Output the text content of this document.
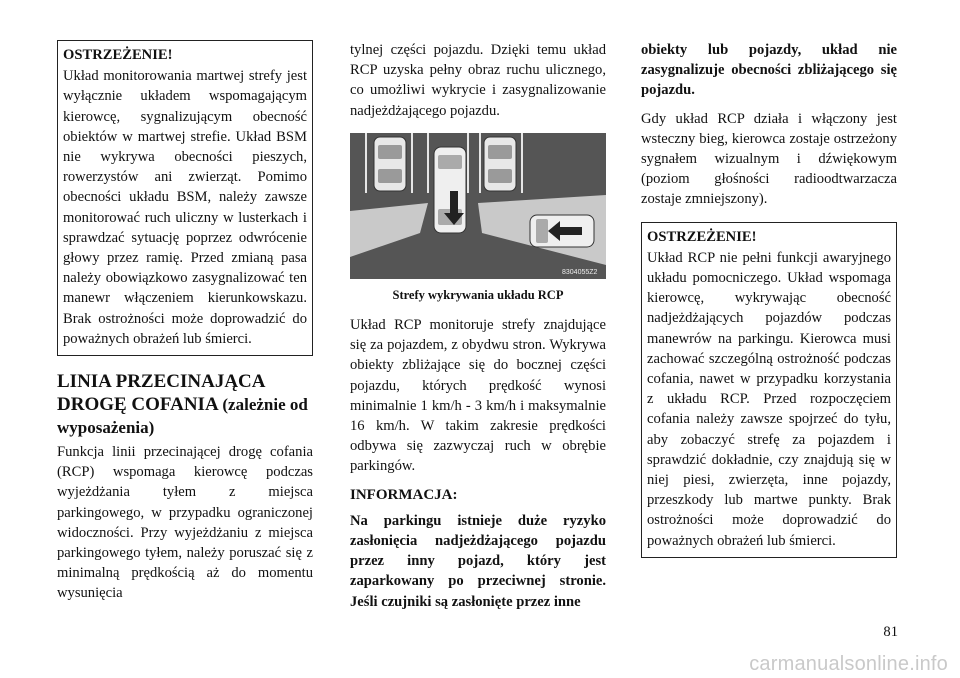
OSTRZEŻENIE!

Układ monitorowania martwej strefy jest wyłącznie układem wspomagającym kierowcę, sygnalizującym obecność obiektów w martwej strefie. Układ BSM nie wykrywa obecności pieszych, rowerzystów ani zwierząt. Pomimo obecności układu BSM, należy zawsze monitorować ruch uliczny w lusterkach i sprawdzać sytuację poprzez odwrócenie głowy przez ramię. Przed zmianą pasa należy obowiązkowo zasygnalizować ten manewr włączeniem kierunkowskazu. Brak ostrożności może doprowadzić do poważnych obrażeń lub śmierci.

LINIA PRZECINAJĄCA DROGĘ COFANIA (zależnie od wyposażenia)

Funkcja linii przecinającej drogę cofania (RCP) wspomaga kierowcę podczas wyjeżdżania tyłem z miejsca parkingowego, w przypadku ograniczonej widoczności. Przy wyjeżdżaniu z miejsca parkingowego tyłem, należy poruszać się z minimalną prędkością aż do momentu wysunięcia

tylnej części pojazdu. Dzięki temu układ RCP uzyska pełny obraz ruchu ulicznego, co umożliwi wykrycie i zasygnalizowanie nadjeżdżającego pojazdu.

8304055Z2
Strefy wykrywania układu RCP

Układ RCP monitoruje strefy znajdujące się za pojazdem, z obydwu stron. Wykrywa obiekty zbliżające się do bocznej części pojazdu, których prędkość wynosi minimalnie 1 km/h - 3 km/h i maksymalnie 16 km/h. W takim zakresie prędkości odbywa się zazwyczaj ruch w obrębie parkingów.

INFORMACJA:

Na parkingu istnieje duże ryzyko zasłonięcia nadjeżdżającego pojazdu przez inny pojazd, który jest zaparkowany po przeciwnej stronie. Jeśli czujniki są zasłonięte przez inne

obiekty lub pojazdy, układ nie zasygnalizuje obecności zbliżającego się pojazdu.

Gdy układ RCP działa i włączony jest wsteczny bieg, kierowca zostaje ostrzeżony sygnałem wizualnym i dźwiękowym (poziom głośności radioodtwarzacza zostaje zmniejszony).

OSTRZEŻENIE!

Układ RCP nie pełni funkcji awaryjnego układu pomocniczego. Układ wspomaga kierowcę, wykrywając obecność nadjeżdżających pojazdów podczas manewrów na parkingu. Kierowca musi zachować szczególną ostrożność podczas cofania, nawet w przypadku korzystania z układu RCP. Przed rozpoczęciem cofania należy zawsze spojrzeć do tyłu, aby zobaczyć strefę za pojazdem i sprawdzić dokładnie, czy znajdują się w niej piesi, zwierzęta, inne pojazdy, przeszkody lub martwe punkty. Brak ostrożności może doprowadzić do poważnych obrażeń lub śmierci.

81
carmanualsonline.info
